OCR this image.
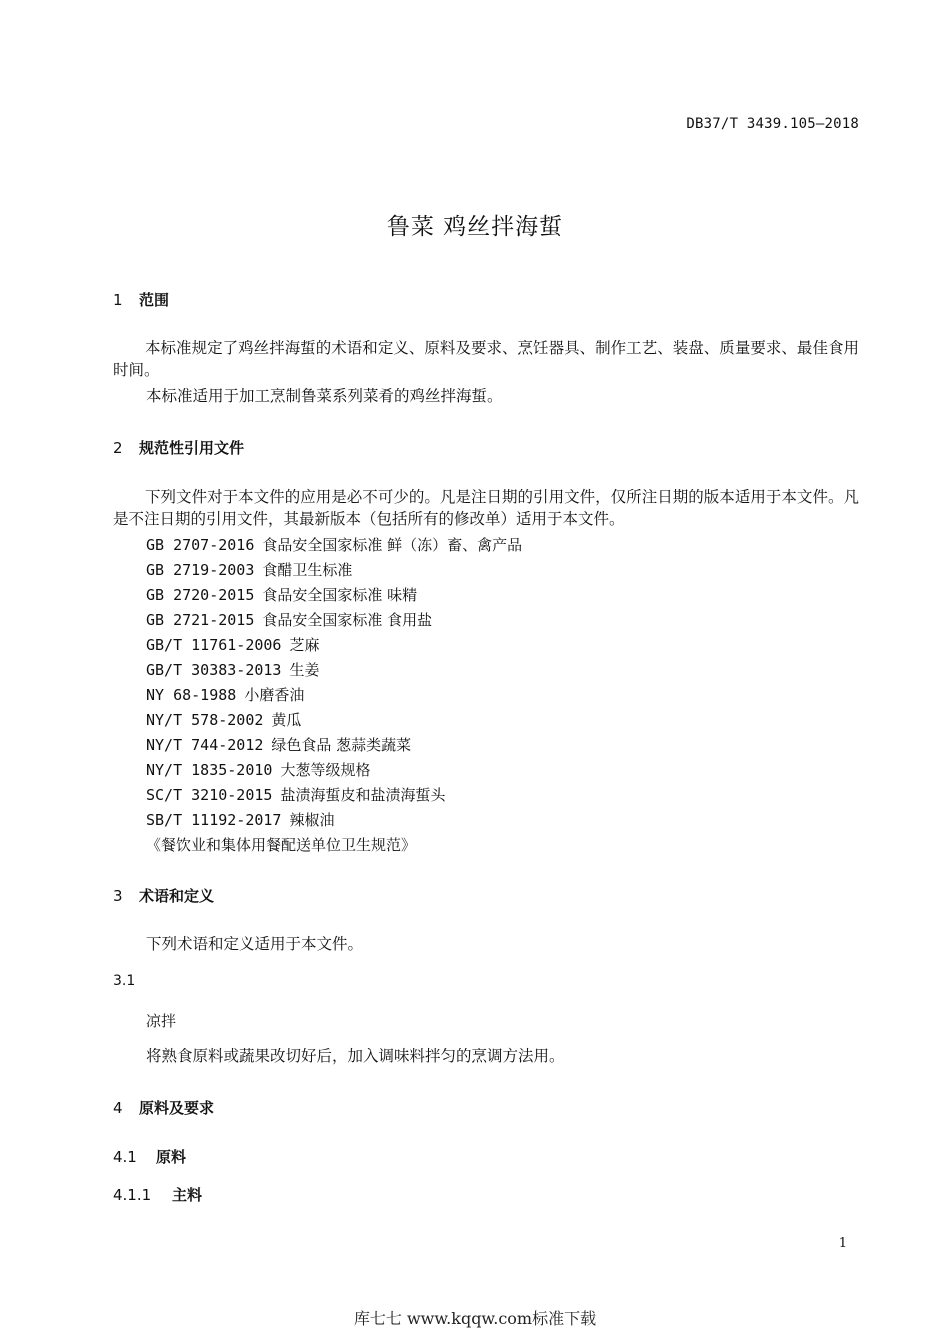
DB37/T 3439.105—2018
鲁菜 鸡丝拌海蜇
1 范围
本标准规定了鸡丝拌海蜇的术语和定义、原料及要求、烹饪器具、制作工艺、装盘、质量要求、最佳食用时间。
本标准适用于加工烹制鲁菜系列菜肴的鸡丝拌海蜇。
2 规范性引用文件
下列文件对于本文件的应用是必不可少的。凡是注日期的引用文件，仅所注日期的版本适用于本文件。凡是不注日期的引用文件，其最新版本（包括所有的修改单）适用于本文件。
GB 2707-2016 食品安全国家标准 鲜（冻）畜、禽产品
GB 2719-2003 食醋卫生标准
GB 2720-2015 食品安全国家标准 味精
GB 2721-2015 食品安全国家标准 食用盐
GB/T 11761-2006 芝麻
GB/T 30383-2013 生姜
NY 68-1988 小磨香油
NY/T 578-2002 黄瓜
NY/T 744-2012 绿色食品 葱蒜类蔬菜
NY/T 1835-2010 大葱等级规格
SC/T 3210-2015 盐渍海蜇皮和盐渍海蜇头
SB/T 11192-2017 辣椒油
《餐饮业和集体用餐配送单位卫生规范》
3 术语和定义
下列术语和定义适用于本文件。
3.1
凉拌
将熟食原料或蔬果改切好后，加入调味料拌匀的烹调方法用。
4 原料及要求
4.1 原料
4.1.1 主料
1
库七七 www.kqqw.com标准下载
